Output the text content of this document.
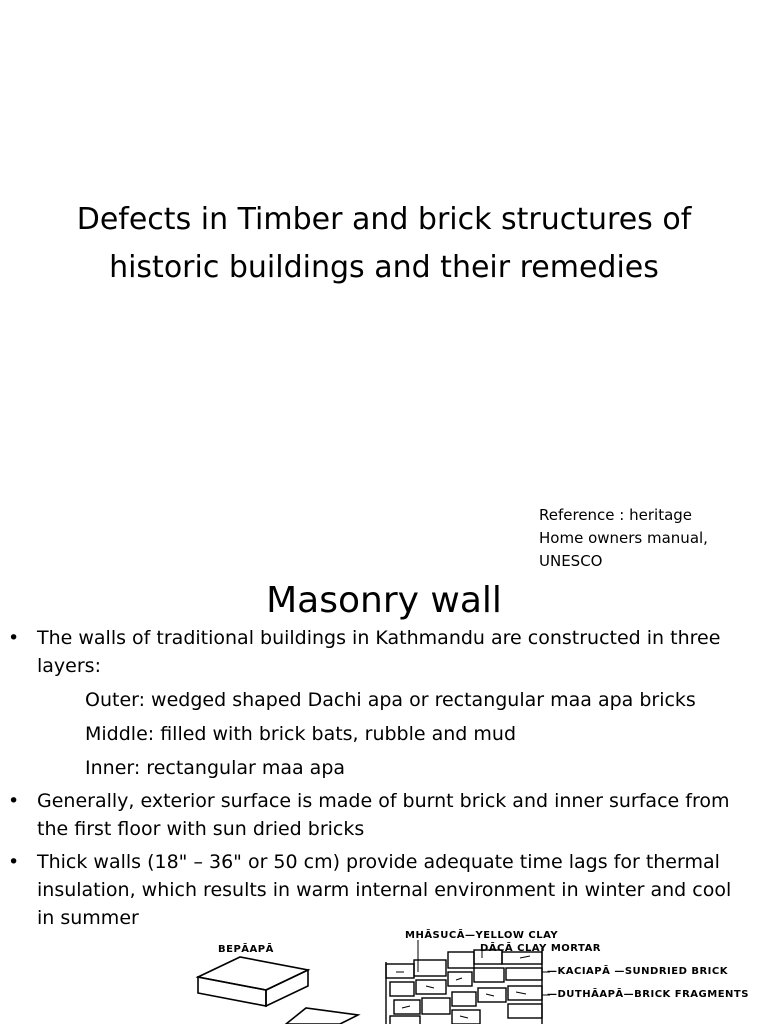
Defects in Timber and brick structures of
historic buildings and their remedies
Reference : heritage
Home owners manual,
UNESCO
Masonry wall
• The walls of traditional buildings in Kathmandu are constructed in three layers:
Outer: wedged shaped Dachi apa or rectangular maa apa bricks
Middle: filled with brick bats, rubble and mud
Inner: rectangular maa apa
• Generally, exterior surface is made of burnt brick and inner surface from the first floor with sun dried bricks
• Thick walls (18" – 36" or 50 cm) provide adequate time lags for thermal insulation, which results in warm internal environment in winter and cool in summer
BEPĀAPĀ
MHĀSUCĀ—YELLOW CLAY
DĀCĀ CLAY MORTAR
—KACIAPĀ —SUNDRIED BRICK
—DUTHĀAPĀ—BRICK FRAGMENTS
